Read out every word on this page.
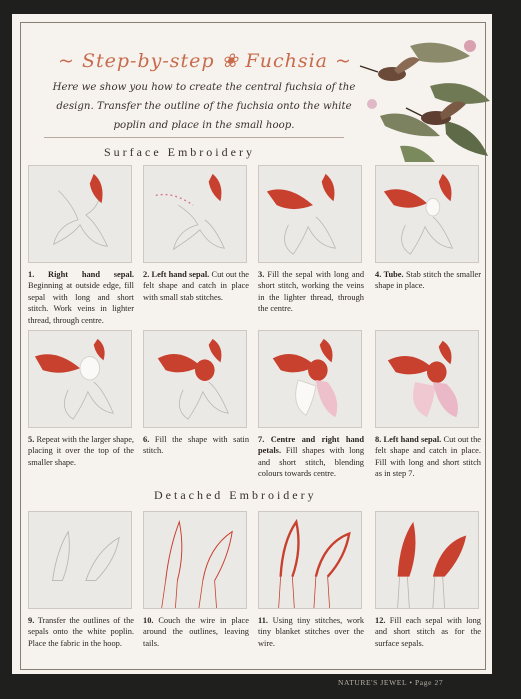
~ Step-by-step ❀ Fuchsia ~
Here we show you how to create the central fuchsia of the design. Transfer the outline of the fuchsia onto the white poplin and place in the small hoop.
Surface Embroidery
Detached Embroidery
1. Right hand sepal. Beginning at outside edge, fill sepal with long and short stitch. Work veins in lighter thread, through centre.
2. Left hand sepal. Cut out the felt shape and catch in place with small stab stitches.
3. Fill the sepal with long and short stitch, working the veins in the lighter thread, through the centre.
4. Tube. Stab stitch the smaller shape in place.
5. Repeat with the larger shape, placing it over the top of the smaller shape.
6. Fill the shape with satin stitch.
7. Centre and right hand petals. Fill shapes with long and short stitch, blending colours towards centre.
8. Left hand sepal. Cut out the felt shape and catch in place. Fill with long and short stitch as in step 7.
9. Transfer the outlines of the sepals onto the white poplin. Place the fabric in the hoop.
10. Couch the wire in place around the outlines, leaving tails.
11. Using tiny stitches, work tiny blanket stitches over the wire.
12. Fill each sepal with long and short stitch as for the surface sepals.
NATURE'S JEWEL • Page 27
